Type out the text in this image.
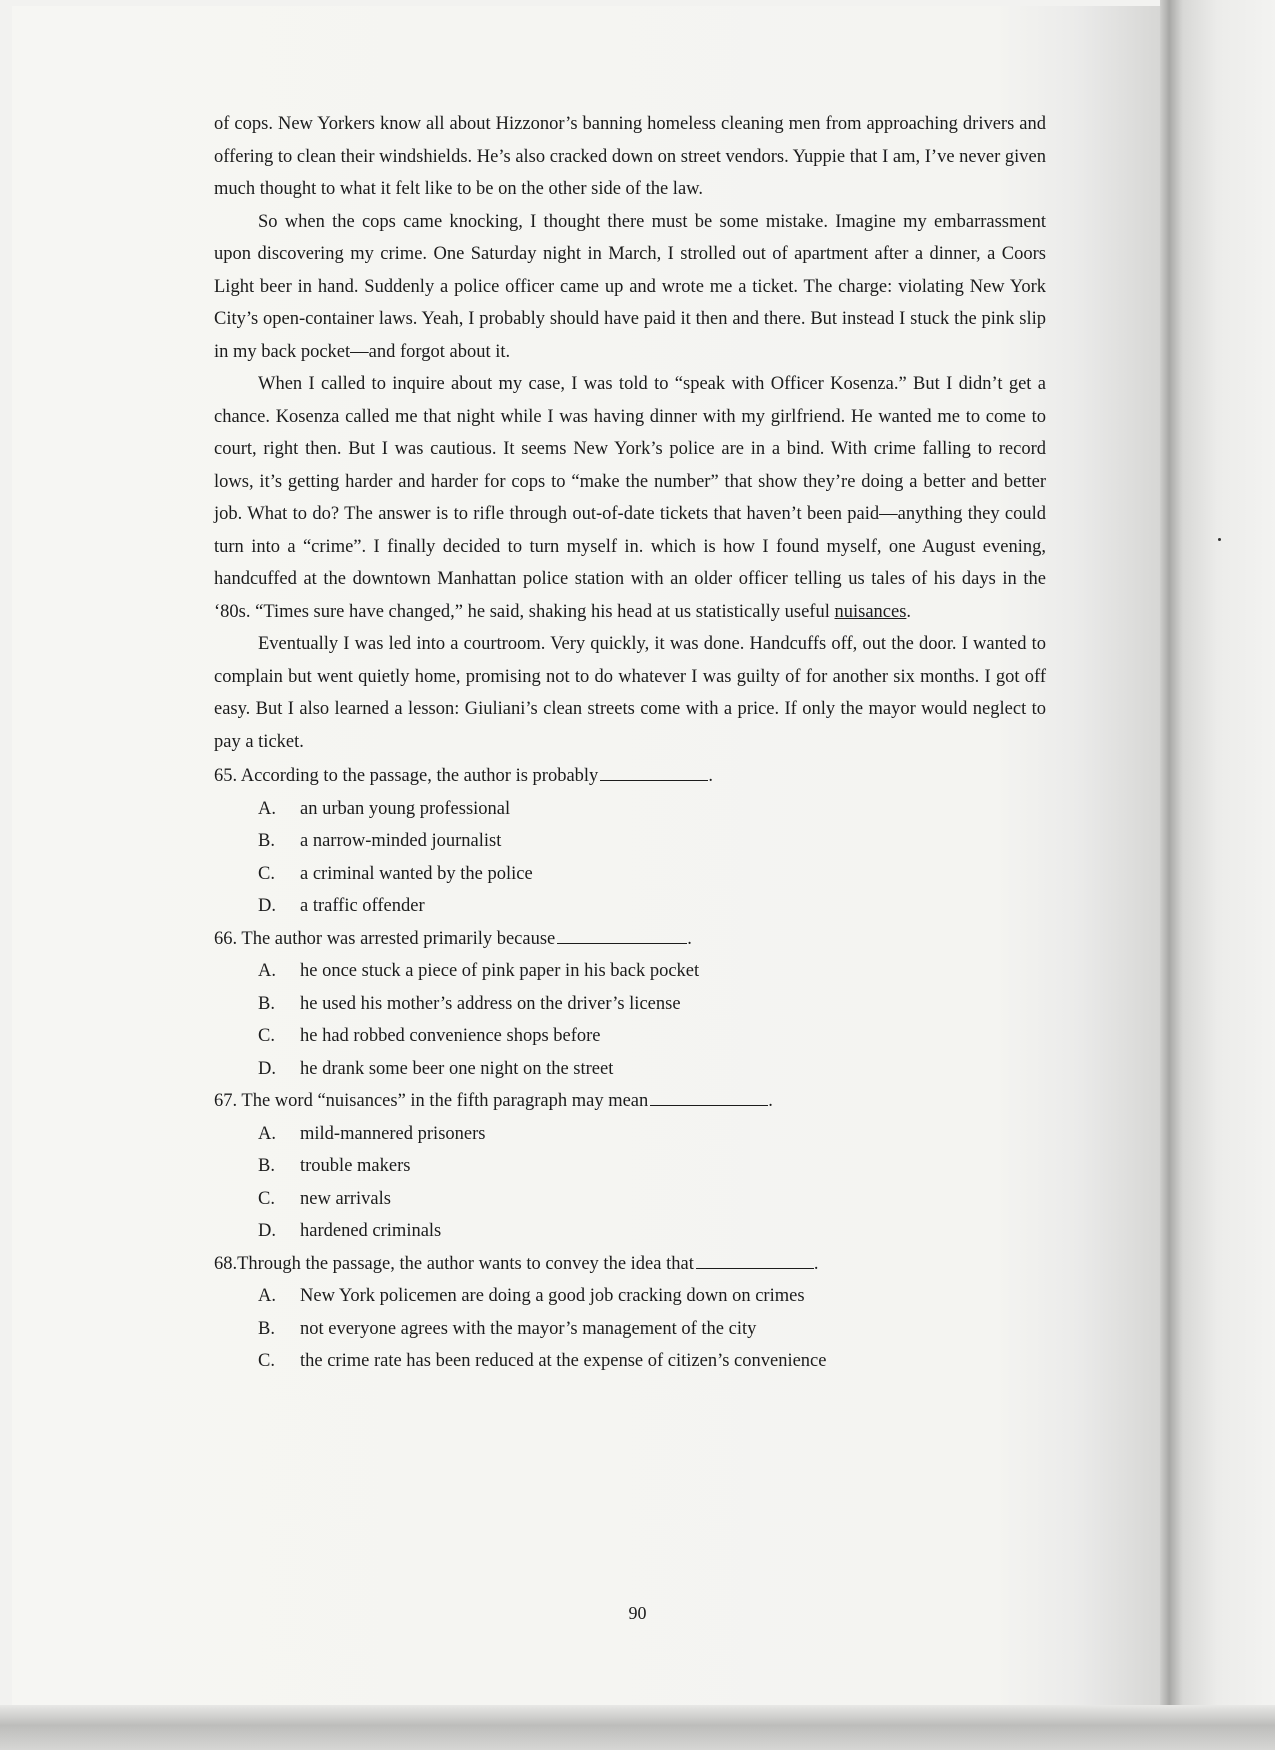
of cops. New Yorkers know all about Hizzonor’s banning homeless cleaning men from approaching drivers and offering to clean their windshields. He’s also cracked down on street vendors. Yuppie that I am, I’ve never given much thought to what it felt like to be on the other side of the law.

So when the cops came knocking, I thought there must be some mistake. Imagine my embarrassment upon discovering my crime. One Saturday night in March, I strolled out of apartment after a dinner, a Coors Light beer in hand. Suddenly a police officer came up and wrote me a ticket. The charge: violating New York City’s open-container laws. Yeah, I probably should have paid it then and there. But instead I stuck the pink slip in my back pocket—and forgot about it.

When I called to inquire about my case, I was told to “speak with Officer Kosenza.” But I didn’t get a chance. Kosenza called me that night while I was having dinner with my girlfriend. He wanted me to come to court, right then. But I was cautious. It seems New York’s police are in a bind. With crime falling to record lows, it’s getting harder and harder for cops to “make the number” that show they’re doing a better and better job. What to do? The answer is to rifle through out-of-date tickets that haven’t been paid—anything they could turn into a “crime”. I finally decided to turn myself in. which is how I found myself, one August evening, handcuffed at the downtown Manhattan police station with an older officer telling us tales of his days in the ‘80s. “Times sure have changed,” he said, shaking his head at us statistically useful nuisances.

Eventually I was led into a courtroom. Very quickly, it was done. Handcuffs off, out the door. I wanted to complain but went quietly home, promising not to do whatever I was guilty of for another six months. I got off easy. But I also learned a lesson: Giuliani’s clean streets come with a price. If only the mayor would neglect to pay a ticket.

65. According to the passage, the author is probably	.

A.	an urban young professional
B.	a narrow-minded journalist
C.	a criminal wanted by the police
D.	a traffic offender

66. The author was arrested primarily because	.

A.	he once stuck a piece of pink paper in his back pocket
B.	he used his mother’s address on the driver’s license
C.	he had robbed convenience shops before
D.	he drank some beer one night on the street

67. The word “nuisances” in the fifth paragraph may mean	.

A.	mild-mannered prisoners
B.	trouble makers
C.	new arrivals
D.	hardened criminals

68.Through the passage, the author wants to convey the idea that	.

A.	New York policemen are doing a good job cracking down on crimes
B.	not everyone agrees with the mayor’s management of the city
C.	the crime rate has been reduced at the expense of citizen’s convenience
90
